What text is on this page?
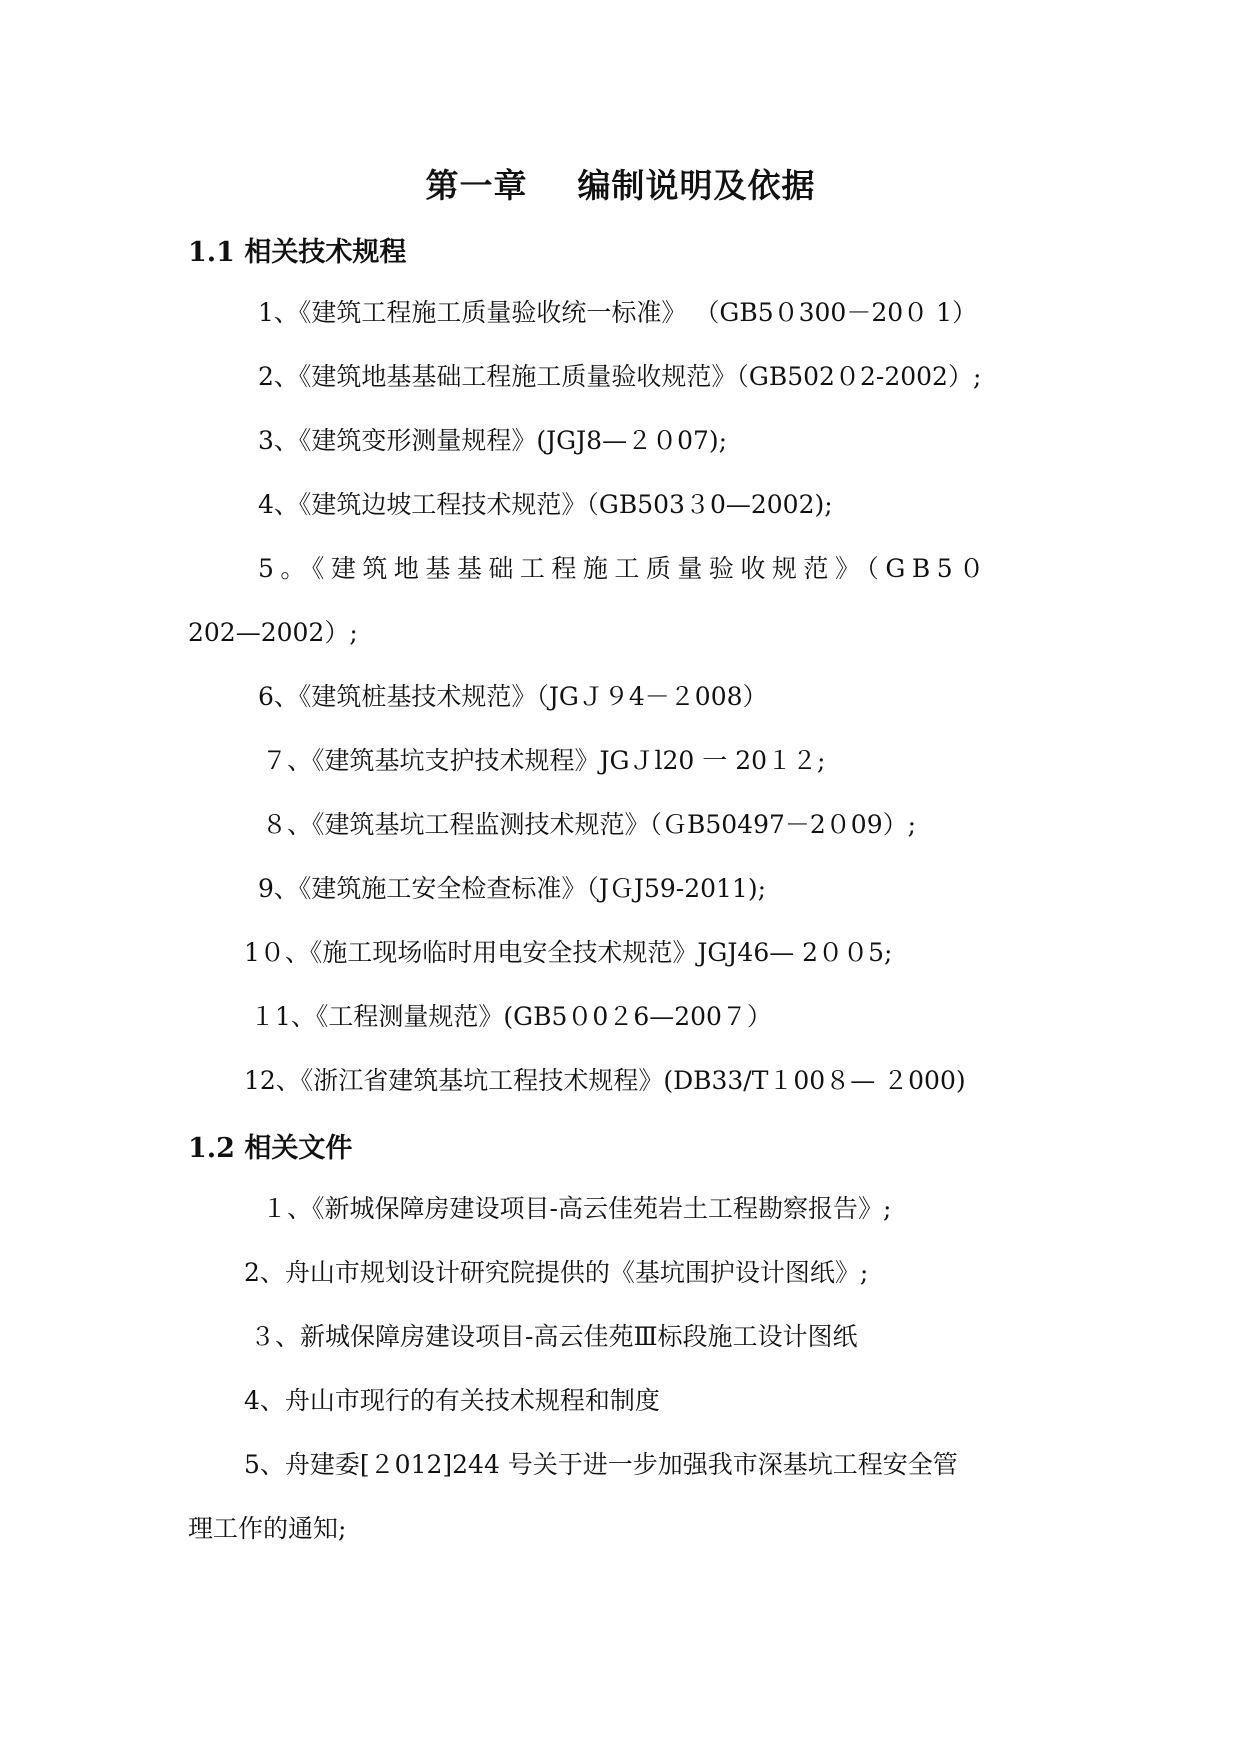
第一章    编制说明及依据
1.1 相关技术规程
1、《建筑工程施工质量验收统一标准》 （GB5０300－20０ 1）
2、《建筑地基基础工程施工质量验收规范》（GB502０2-2002）;
3、《建筑变形测量规程》(JGJ8—２０07);
4、《建筑边坡工程技术规范》（GB503３0—2002);
5。《建筑地基基础工程施工质量验收规范》（GB5０
202—2002）;
6、《建筑桩基技术规范》（JGＪ９4－２008）
７、《建筑基坑支护技术规程》JGＪl20 一 20１２;
８、《建筑基坑工程监测技术规范》（ＧB50497－2０09）;
9、《建筑施工安全检查标准》（JＧJ59-2011);
1０、《施工现场临时用电安全技术规范》JGJ46— 2００5;
１1、《工程测量规范》(GB5０0２6—200７）
12、《浙江省建筑基坑工程技术规程》(DB33/T１00８— ２000)
1.2 相关文件
１、《新城保障房建设项目-高云佳苑岩土工程勘察报告》;
2、舟山市规划设计研究院提供的《基坑围护设计图纸》;
３、新城保障房建设项目-高云佳苑Ⅲ标段施工设计图纸
4、舟山市现行的有关技术规程和制度
5、舟建委[２012]244 号关于进一步加强我市深基坑工程安全管
理工作的通知;
